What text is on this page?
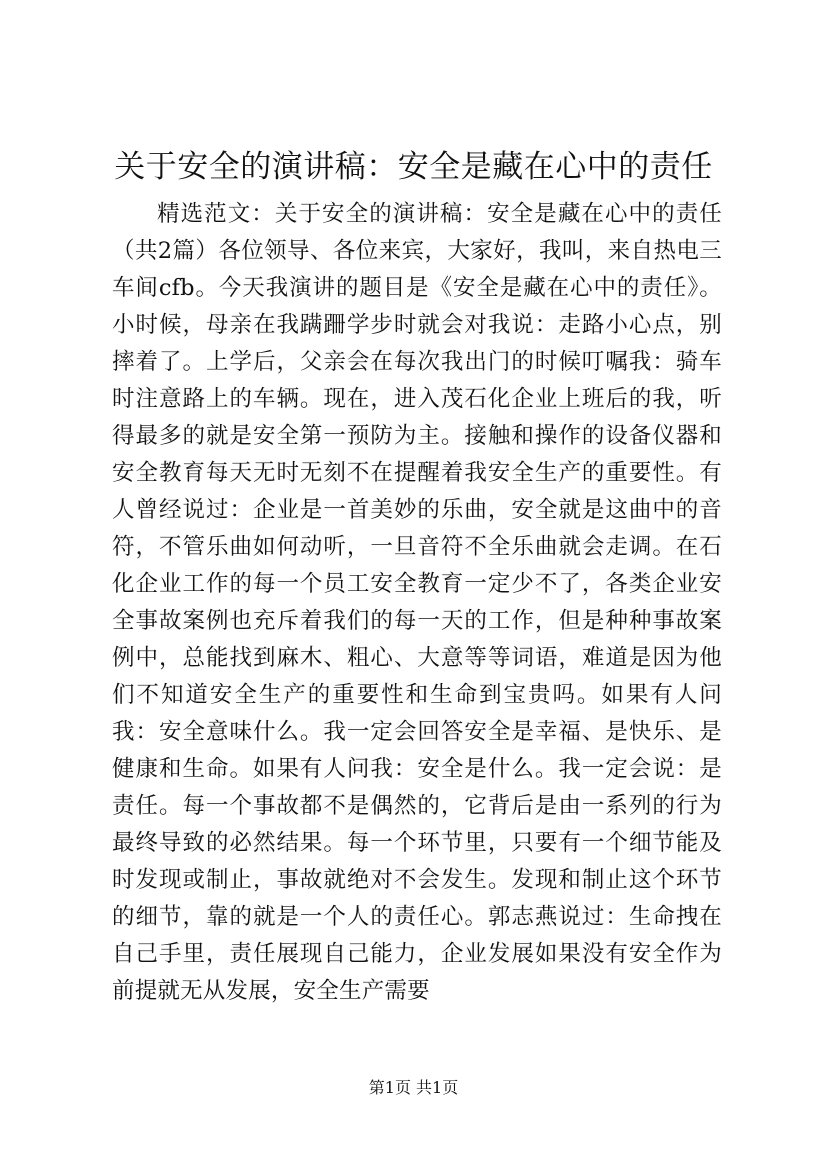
关于安全的演讲稿：安全是藏在心中的责任

精选范文：关于安全的演讲稿：安全是藏在心中的责任（共2篇）各位领导、各位来宾，大家好，我叫，来自热电三车间cfb。今天我演讲的题目是《安全是藏在心中的责任》。小时候，母亲在我蹒跚学步时就会对我说：走路小心点，别摔着了。上学后，父亲会在每次我出门的时候叮嘱我：骑车时注意路上的车辆。现在，进入茂石化企业上班后的我，听得最多的就是安全第一预防为主。接触和操作的设备仪器和安全教育每天无时无刻不在提醒着我安全生产的重要性。有人曾经说过：企业是一首美妙的乐曲，安全就是这曲中的音符，不管乐曲如何动听，一旦音符不全乐曲就会走调。在石化企业工作的每一个员工安全教育一定少不了，各类企业安全事故案例也充斥着我们的每一天的工作，但是种种事故案例中，总能找到麻木、粗心、大意等等词语，难道是因为他们不知道安全生产的重要性和生命到宝贵吗。如果有人问我：安全意味什么。我一定会回答安全是幸福、是快乐、是健康和生命。如果有人问我：安全是什么。我一定会说：是责任。每一个事故都不是偶然的，它背后是由一系列的行为最终导致的必然结果。每一个环节里，只要有一个细节能及时发现或制止，事故就绝对不会发生。发现和制止这个环节的细节，靠的就是一个人的责任心。郭志燕说过：生命拽在自己手里，责任展现自己能力，企业发展如果没有安全作为前提就无从发展，安全生产需要

第1页 共1页
